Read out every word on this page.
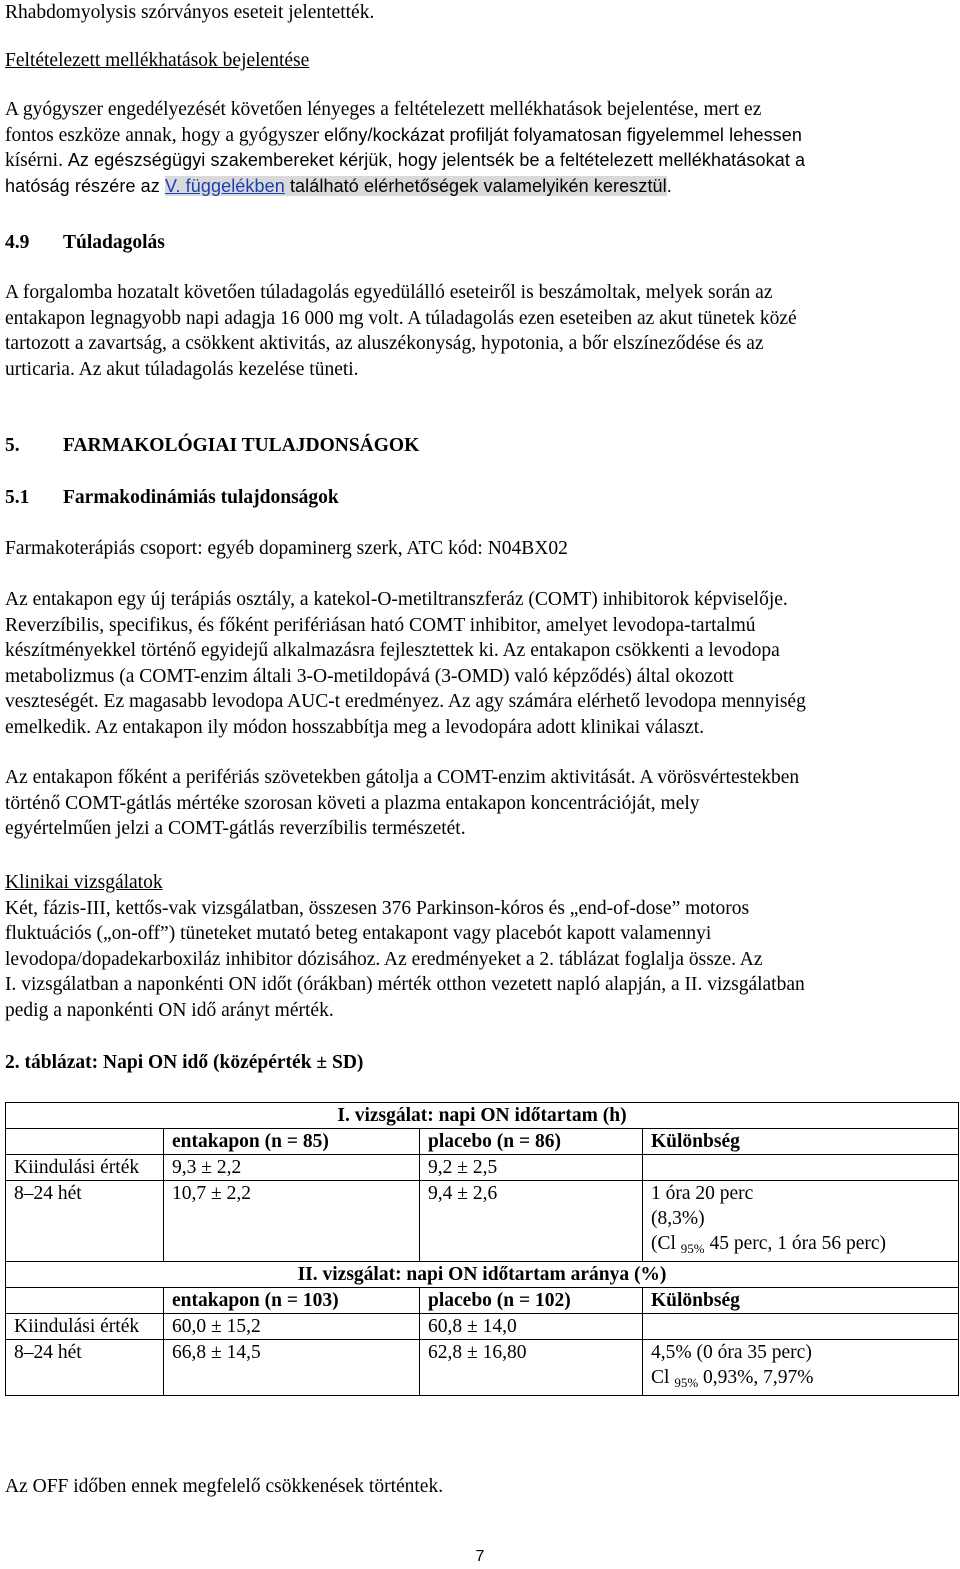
Rhabdomyolysis szórványos eseteit jelentették.

Feltételezett mellékhatások bejelentése

A gyógyszer engedélyezését követően lényeges a feltételezett mellékhatások bejelentése, mert ez

fontos eszköze annak, hogy a gyógyszer előny/kockázat profilját folyamatosan figyelemmel lehessen

kísérni. Az egészségügyi szakembereket kérjük, hogy jelentsék be a feltételezett mellékhatásokat a

hatóság részére az V. függelékben található elérhetőségek valamelyikén keresztül.

4.9 Túladagolás

A forgalomba hozatalt követően túladagolás egyedülálló eseteiről is beszámoltak, melyek során az

entakapon legnagyobb napi adagja 16 000 mg volt. A túladagolás ezen eseteiben az akut tünetek közé

tartozott a zavartság, a csökkent aktivitás, az aluszékonyság, hypotonia, a bőr elszíneződése és az

urticaria. Az akut túladagolás kezelése tüneti.

5. FARMAKOLÓGIAI TULAJDONSÁGOK

5.1 Farmakodinámiás tulajdonságok

Farmakoterápiás csoport: egyéb dopaminerg szerk, ATC kód: N04BX02

Az entakapon egy új terápiás osztály, a katekol-O-metiltranszferáz (COMT) inhibitorok képviselője.

Reverzíbilis, specifikus, és főként perifériásan ható COMT inhibitor, amelyet levodopa-tartalmú

készítményekkel történő egyidejű alkalmazásra fejlesztettek ki. Az entakapon csökkenti a levodopa

metabolizmus (a COMT-enzim általi 3-O-metildopává (3-OMD) való képződés) által okozott

veszteségét. Ez magasabb levodopa AUC-t eredményez. Az agy számára elérhető levodopa mennyiség

emelkedik. Az entakapon ily módon hosszabbítja meg a levodopára adott klinikai választ.

Az entakapon főként a perifériás szövetekben gátolja a COMT-enzim aktivitását. A vörösvértestekben

történő COMT-gátlás mértéke szorosan követi a plazma entakapon koncentrációját, mely

egyértelműen jelzi a COMT-gátlás reverzíbilis természetét.

Klinikai vizsgálatok

Két, fázis-III, kettős-vak vizsgálatban, összesen 376 Parkinson-kóros és „end-of-dose” motoros

fluktuációs („on-off”) tüneteket mutató beteg entakapont vagy placebót kapott valamennyi

levodopa/dopadekarboxiláz inhibitor dózisához. Az eredményeket a 2. táblázat foglalja össze. Az

I. vizsgálatban a naponkénti ON időt (órákban) mérték otthon vezetett napló alapján, a II. vizsgálatban

pedig a naponkénti ON idő arányt mérték.

2. táblázat: Napi ON idő (középérték ± SD)

I. vizsgálat: napi ON időtartam (h)			
	entakapon (n = 85)	placebo (n = 86)	Különbség
Kiindulási érték	9,3 ± 2,2	9,2 ± 2,5	
8–24 hét	10,7 ± 2,2	9,4 ± 2,6	1 óra 20 perc
(8,3%)
(Cl $_{95\%}$ 45 perc, 1 óra 56 perc)

II. vizsgálat: napi ON időtartam aránya (%)			
	entakapon (n = 103)	placebo (n = 102)	Különbség
Kiindulási érték	60,0 ± 15,2	60,8 ± 14,0	
8–24 hét	66,8 ± 14,5	62,8 ± 16,80	4,5% (0 óra 35 perc)
Cl $_{95\%}$ 0,93%, 7,97%

Az OFF időben ennek megfelelő csökkenések történtek.

7
